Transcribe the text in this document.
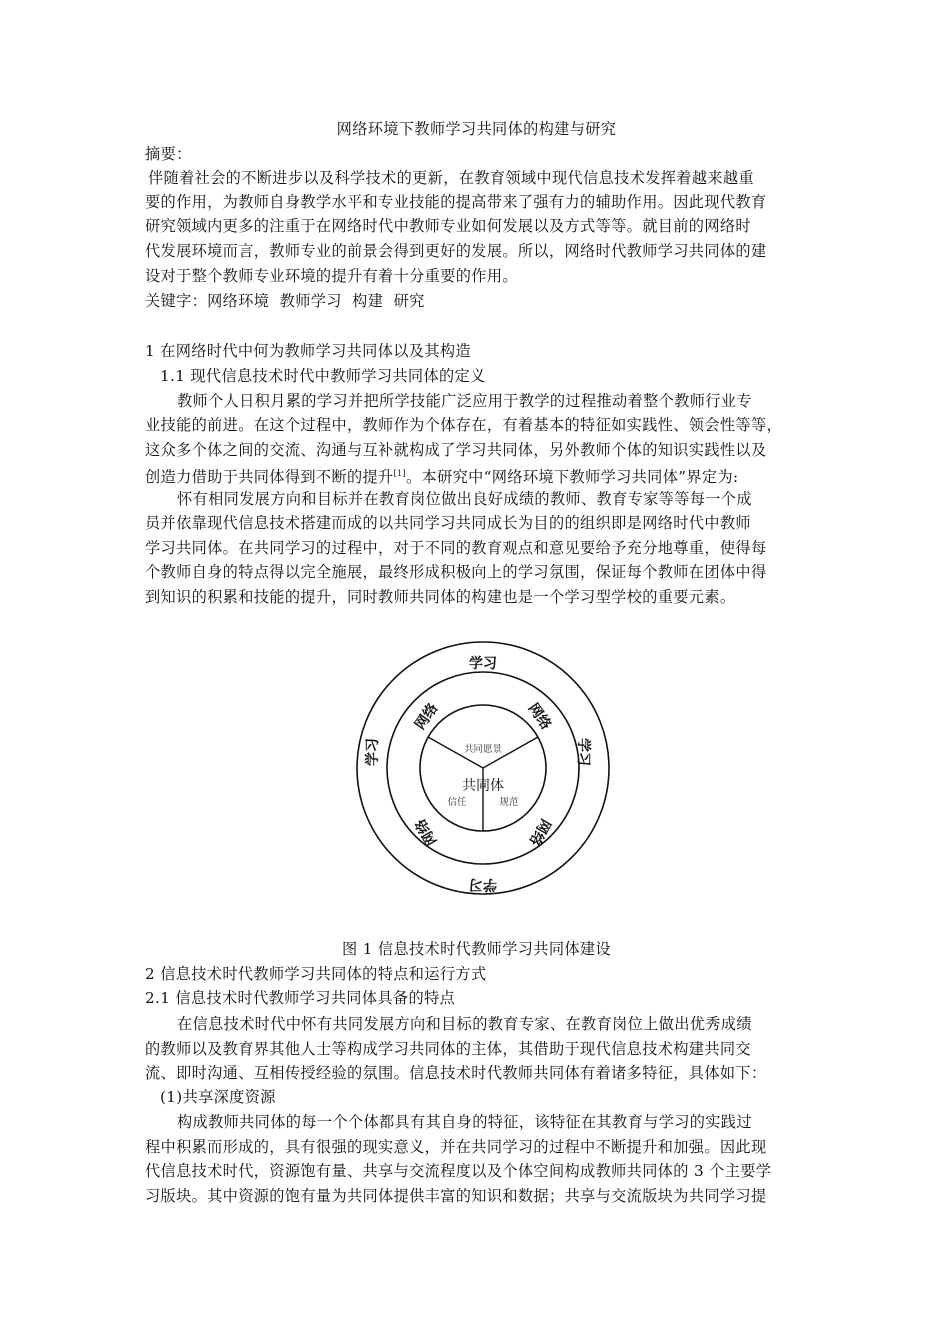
网络环境下教师学习共同体的构建与研究
摘要：
伴随着社会的不断进步以及科学技术的更新，在教育领域中现代信息技术发挥着越来越重
要的作用，为教师自身教学水平和专业技能的提高带来了强有力的辅助作用。因此现代教育
研究领域内更多的注重于在网络时代中教师专业如何发展以及方式等等。就目前的网络时
代发展环境而言，教师专业的前景会得到更好的发展。所以，网络时代教师学习共同体的建
设对于整个教师专业环境的提升有着十分重要的作用。
关键字：网络环境  教师学习  构建  研究
1 在网络时代中何为教师学习共同体以及其构造
1.1 现代信息技术时代中教师学习共同体的定义
教师个人日积月累的学习并把所学技能广泛应用于教学的过程推动着整个教师行业专
业技能的前进。在这个过程中，教师作为个体存在，有着基本的特征如实践性、领会性等等，
这众多个体之间的交流、沟通与互补就构成了学习共同体，另外教师个体的知识实践性以及
创造力借助于共同体得到不断的提升[1]。本研究中“网络环境下教师学习共同体”界定为:
怀有相同发展方向和目标并在教育岗位做出良好成绩的教师、教育专家等等每一个成
员并依靠现代信息技术搭建而成的以共同学习共同成长为目的的组织即是网络时代中教师
学习共同体。在共同学习的过程中，对于不同的教育观点和意见要给予充分地尊重，使得每
个教师自身的特点得以完全施展，最终形成积极向上的学习氛围，保证每个教师在团体中得
到知识的积累和技能的提升，同时教师共同体的构建也是一个学习型学校的重要元素。
共同愿景
共同体
信任	规范
网络	网络
网络	网络
学习
学习
学习
学习
图 1 信息技术时代教师学习共同体建设
2 信息技术时代教师学习共同体的特点和运行方式
2.1 信息技术时代教师学习共同体具备的特点
在信息技术时代中怀有共同发展方向和目标的教育专家、在教育岗位上做出优秀成绩
的教师以及教育界其他人士等构成学习共同体的主体，其借助于现代信息技术构建共同交
流、即时沟通、互相传授经验的氛围。信息技术时代教师共同体有着诸多特征，具体如下：
(1)共享深度资源
构成教师共同体的每一个个体都具有其自身的特征，该特征在其教育与学习的实践过
程中积累而形成的，具有很强的现实意义，并在共同学习的过程中不断提升和加强。因此现
代信息技术时代，资源饱有量、共享与交流程度以及个体空间构成教师共同体的 3 个主要学
习版块。其中资源的饱有量为共同体提供丰富的知识和数据；共享与交流版块为共同学习提
